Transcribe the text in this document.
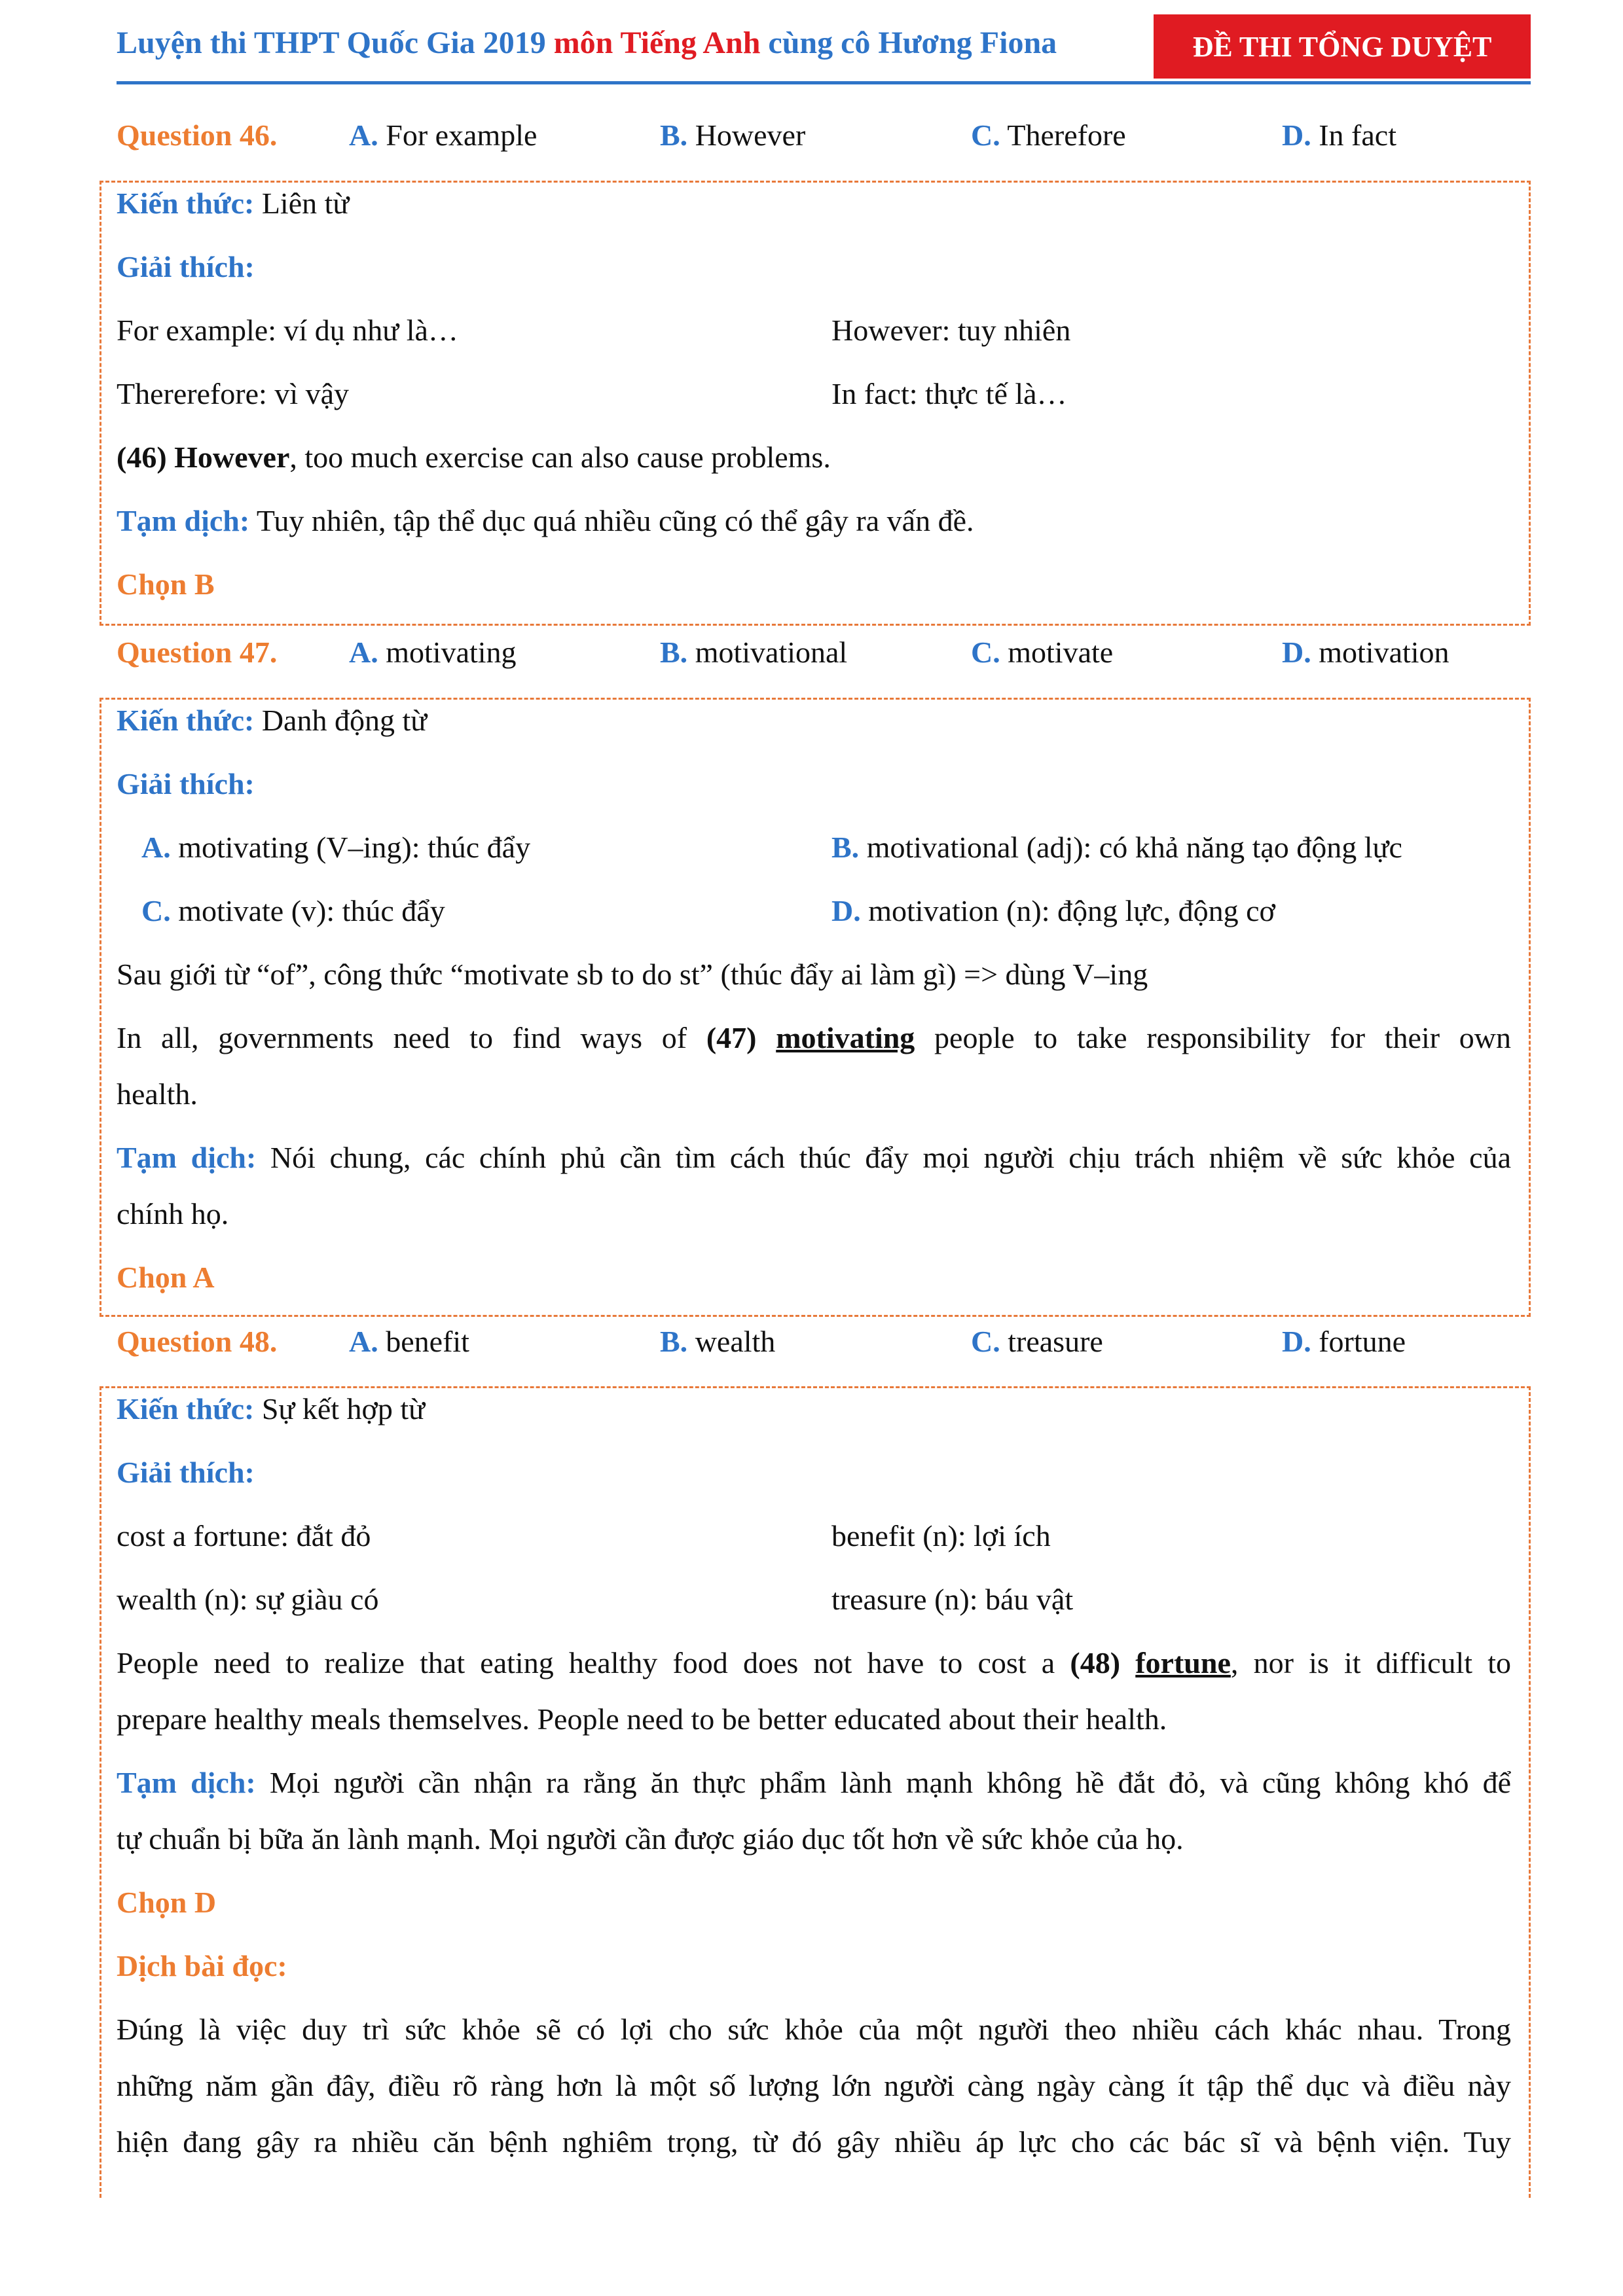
Luyện thi THPT Quốc Gia 2019 môn Tiếng Anh cùng cô Hương Fiona	ĐỀ THI TỔNG DUYỆT
Question 46. A. For example	B. However	C. Therefore	D. In fact
Kiến thức: Liên từ
Giải thích:
For example: ví dụ như là…	However: tuy nhiên
Thererefore: vì vậy	In fact: thực tế là…
(46) However, too much exercise can also cause problems.
Tạm dịch: Tuy nhiên, tập thể dục quá nhiều cũng có thể gây ra vấn đề.
Chọn B
Question 47. A. motivating	B. motivational	C. motivate	D. motivation
Kiến thức: Danh động từ
Giải thích:
A. motivating (V–ing): thúc đẩy	B. motivational (adj): có khả năng tạo động lực
C. motivate (v): thúc đẩy	D. motivation (n): động lực, động cơ
Sau giới từ “of”, công thức “motivate sb to do st” (thúc đẩy ai làm gì) => dùng V–ing
In all, governments need to find ways of (47) motivating people to take responsibility for their own
health.
Tạm dịch: Nói chung, các chính phủ cần tìm cách thúc đẩy mọi người chịu trách nhiệm về sức khỏe của
chính họ.
Chọn A
Question 48. A. benefit	B. wealth	C. treasure	D. fortune
Kiến thức: Sự kết hợp từ
Giải thích:
cost a fortune: đắt đỏ	benefit (n): lợi ích
wealth (n): sự giàu có	treasure (n): báu vật
People need to realize that eating healthy food does not have to cost a (48) fortune, nor is it difficult to
prepare healthy meals themselves. People need to be better educated about their health.
Tạm dịch: Mọi người cần nhận ra rằng ăn thực phẩm lành mạnh không hề đắt đỏ, và cũng không khó để
tự chuẩn bị bữa ăn lành mạnh. Mọi người cần được giáo dục tốt hơn về sức khỏe của họ.
Chọn D
Dịch bài đọc:
Đúng là việc duy trì sức khỏe sẽ có lợi cho sức khỏe của một người theo nhiều cách khác nhau. Trong
những năm gần đây, điều rõ ràng hơn là một số lượng lớn người càng ngày càng ít tập thể dục và điều này
hiện đang gây ra nhiều căn bệnh nghiêm trọng, từ đó gây nhiều áp lực cho các bác sĩ và bệnh viện. Tuy
